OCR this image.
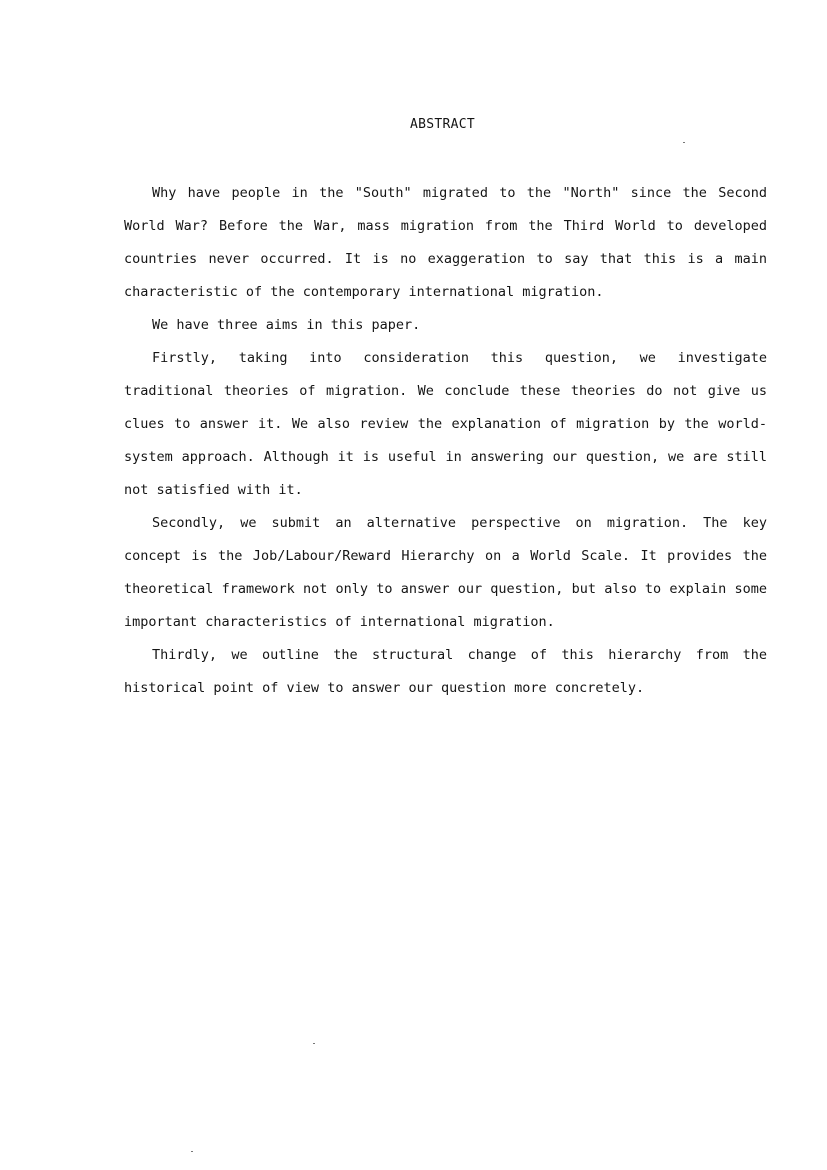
ABSTRACT

Why have people in the "South" migrated to the "North" since the Second World War? Before the War, mass migration from the Third World to developed countries never occurred. It is no exaggeration to say that this is a main characteristic of the contemporary international migration.

We have three aims in this paper.

Firstly, taking into consideration this question, we investigate traditional theories of migration. We conclude these theories do not give us clues to answer it. We also review the explanation of migration by the world-system approach. Although it is useful in answering our question, we are still not satisfied with it.

Secondly, we submit an alternative perspective on migration. The key concept is the Job/Labour/Reward Hierarchy on a World Scale. It provides the theoretical framework not only to answer our question, but also to explain some important characteristics of international migration.

Thirdly, we outline the structural change of this hierarchy from the historical point of view to answer our question more concretely.
